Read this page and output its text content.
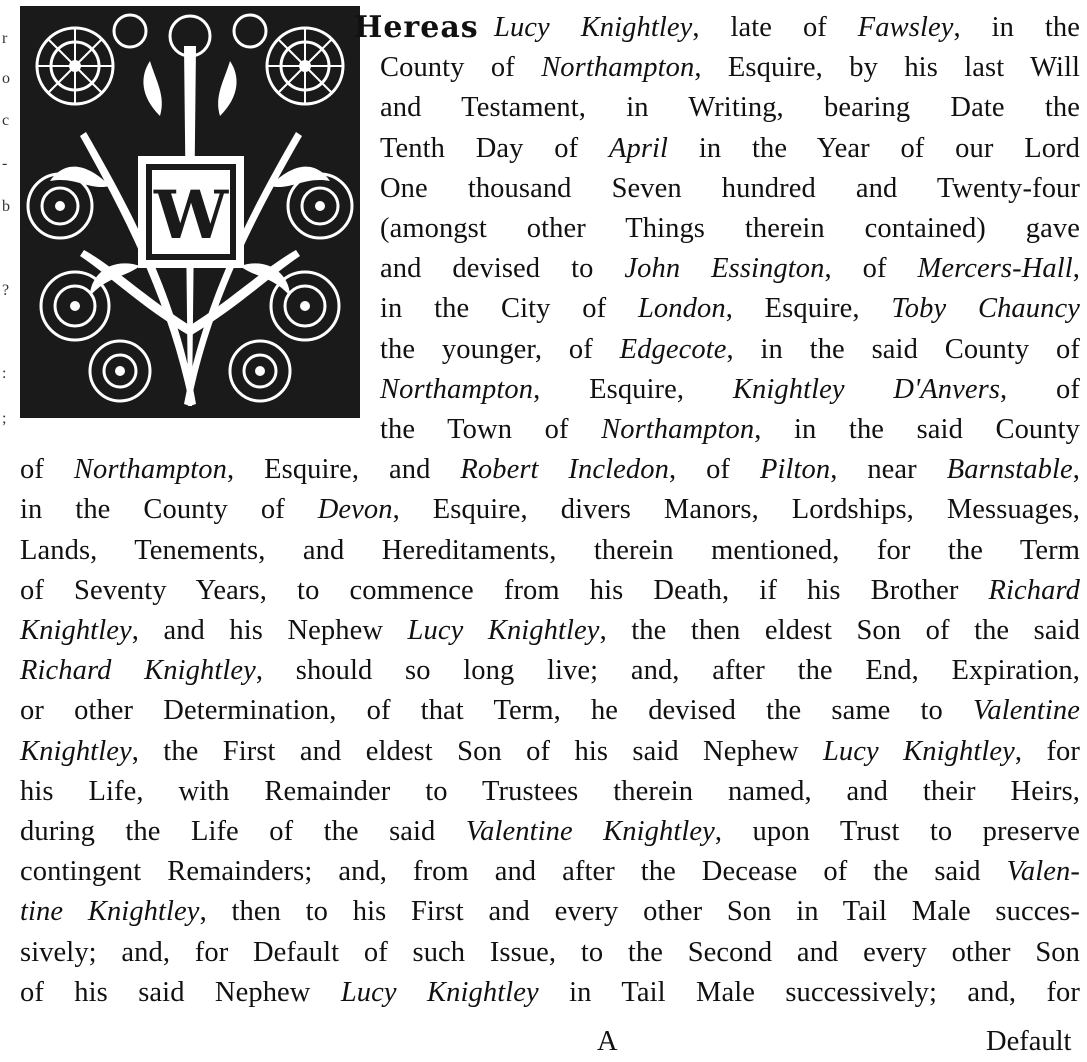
r
o
c
-
b
?
:
;
W
Hereas Lucy Knightley, late of Fawsley, in the
County of Northampton, Esquire, by his last Will
and Testament, in Writing, bearing Date the
Tenth Day of April in the Year of our Lord
One thousand Seven hundred and Twenty-four
(amongst other Things therein contained) gave
and devised to John Essington, of Mercers-Hall,
in the City of London, Esquire, Toby Chauncy
the younger, of Edgecote, in the said County of
Northampton, Esquire, Knightley D'Anvers, of
the Town of Northampton, in the said County
of Northampton, Esquire, and Robert Incledon, of Pilton, near Barnstable,
in the County of Devon, Esquire, divers Manors, Lordships, Messuages,
Lands, Tenements, and Hereditaments, therein mentioned, for the Term
of Seventy Years, to commence from his Death, if his Brother Richard
Knightley, and his Nephew Lucy Knightley, the then eldest Son of the said
Richard Knightley, should so long live; and, after the End, Expiration,
or other Determination, of that Term, he devised the same to Valentine
Knightley, the First and eldest Son of his said Nephew Lucy Knightley, for
his Life, with Remainder to Trustees therein named, and their Heirs,
during the Life of the said Valentine Knightley, upon Trust to preserve
contingent Remainders; and, from and after the Decease of the said Valen-
tine Knightley, then to his First and every other Son in Tail Male succes-
sively; and, for Default of such Issue, to the Second and every other Son
of his said Nephew Lucy Knightley in Tail Male successively; and, for
A	Default
